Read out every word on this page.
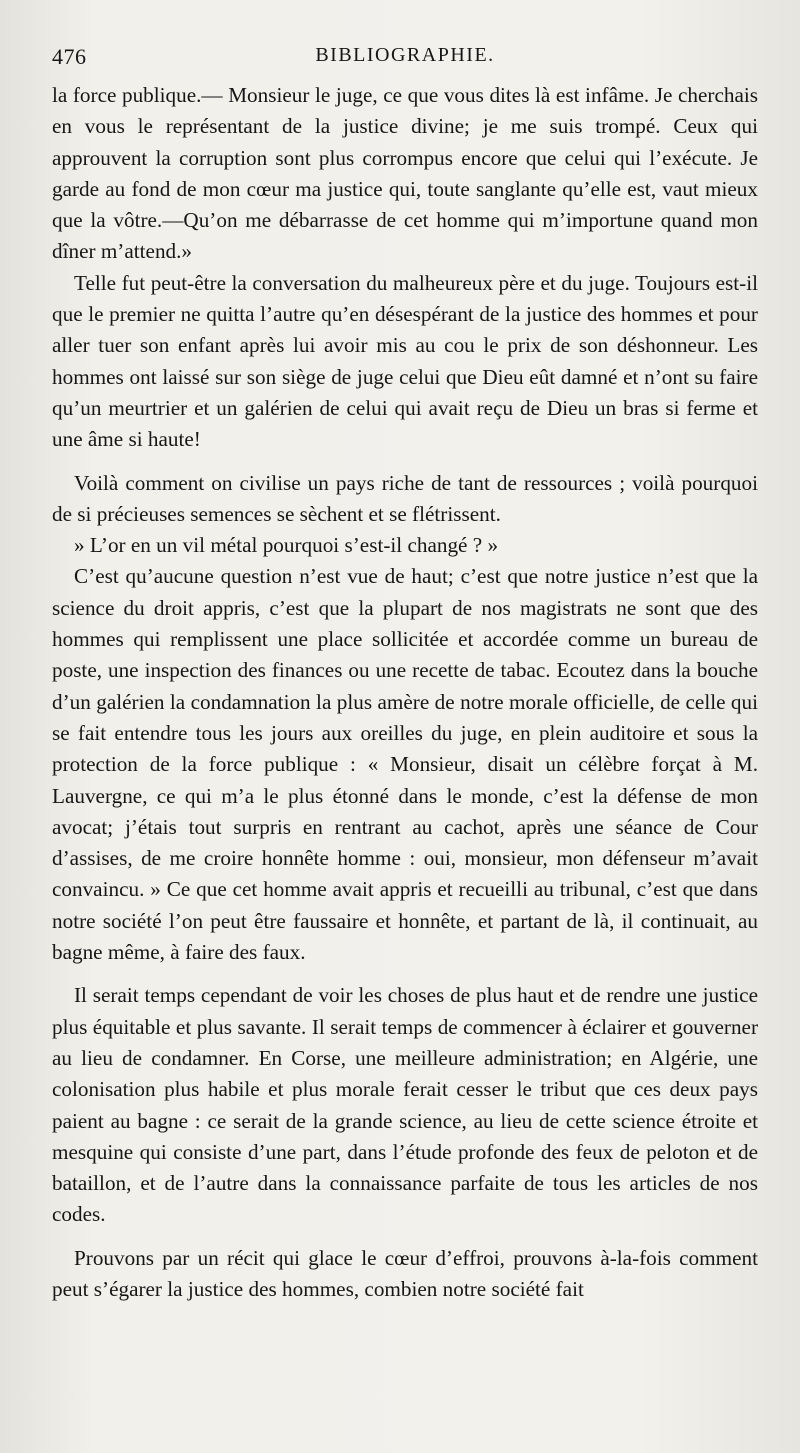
476	BIBLIOGRAPHIE.

la force publique.— Monsieur le juge, ce que vous dites là est infâme. Je cherchais en vous le représentant de la justice divine; je me suis trompé. Ceux qui approuvent la corruption sont plus corrompus encore que celui qui l’exécute. Je garde au fond de mon cœur ma justice qui, toute sanglante qu’elle est, vaut mieux que la vôtre.—Qu’on me débarrasse de cet homme qui m’importune quand mon dîner m’attend.»

Telle fut peut-être la conversation du malheureux père et du juge. Toujours est-il que le premier ne quitta l’autre qu’en désespérant de la justice des hommes et pour aller tuer son enfant après lui avoir mis au cou le prix de son déshonneur. Les hommes ont laissé sur son siège de juge celui que Dieu eût damné et n’ont su faire qu’un meurtrier et un galérien de celui qui avait reçu de Dieu un bras si ferme et une âme si haute!

Voilà comment on civilise un pays riche de tant de ressources ; voilà pourquoi de si précieuses semences se sèchent et se flétrissent.

» L’or en un vil métal pourquoi s’est-il changé ? »

C’est qu’aucune question n’est vue de haut; c’est que notre justice n’est que la science du droit appris, c’est que la plupart de nos magistrats ne sont que des hommes qui remplissent une place sollicitée et accordée comme un bureau de poste, une inspection des finances ou une recette de tabac. Ecoutez dans la bouche d’un galérien la condamnation la plus amère de notre morale officielle, de celle qui se fait entendre tous les jours aux oreilles du juge, en plein auditoire et sous la protection de la force publique : « Monsieur, disait un célèbre forçat à M. Lauvergne, ce qui m’a le plus étonné dans le monde, c’est la défense de mon avocat; j’étais tout surpris en rentrant au cachot, après une séance de Cour d’assises, de me croire honnête homme : oui, monsieur, mon défenseur m’avait convaincu. » Ce que cet homme avait appris et recueilli au tribunal, c’est que dans notre société l’on peut être faussaire et honnête, et partant de là, il continuait, au bagne même, à faire des faux.

Il serait temps cependant de voir les choses de plus haut et de rendre une justice plus équitable et plus savante. Il serait temps de commencer à éclairer et gouverner au lieu de condamner. En Corse, une meilleure administration; en Algérie, une colonisation plus habile et plus morale ferait cesser le tribut que ces deux pays paient au bagne : ce serait de la grande science, au lieu de cette science étroite et mesquine qui consiste d’une part, dans l’étude profonde des feux de peloton et de bataillon, et de l’autre dans la connaissance parfaite de tous les articles de nos codes.

Prouvons par un récit qui glace le cœur d’effroi, prouvons à-la-fois comment peut s’égarer la justice des hommes, combien notre société fait
